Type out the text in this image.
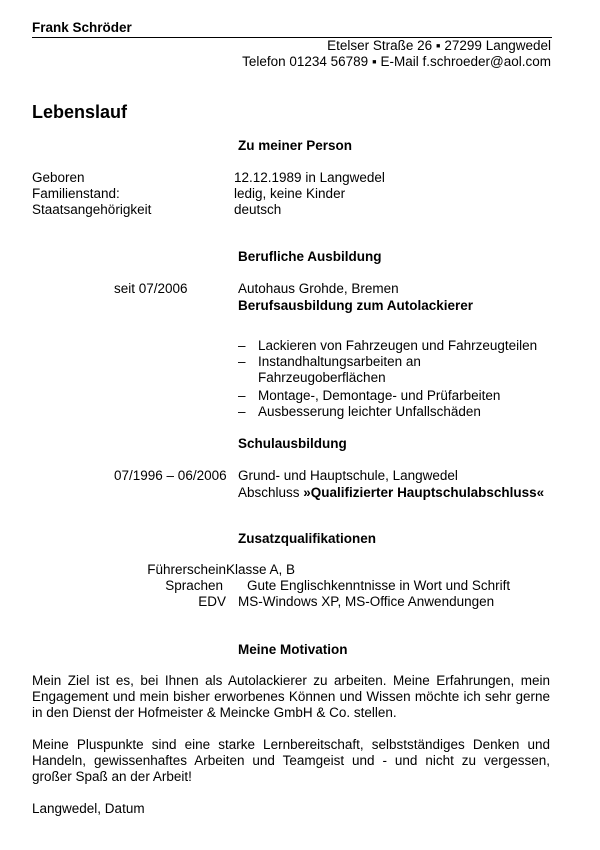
Frank Schröder
Etelser Straße 26 ▪ 27299 Langwedel
Telefon 01234 56789 ▪ E-Mail f.schroeder@aol.com
Lebenslauf
Zu meiner Person
Geboren	12.12.1989 in Langwedel
Familienstand:	ledig, keine Kinder
Staatsangehörigkeit	deutsch
Berufliche Ausbildung
seit 07/2006	Autohaus Grohde, Bremen
Berufsausbildung zum Autolackierer
– Lackieren von Fahrzeugen und Fahrzeugteilen
– Instandhaltungsarbeiten an
Fahrzeugoberflächen
– Montage-, Demontage- und Prüfarbeiten
– Ausbesserung leichter Unfallschäden
Schulausbildung
07/1996 – 06/2006 Grund- und Hauptschule, Langwedel
Abschluss »Qualifizierter Hauptschulabschluss«
Zusatzqualifikationen
Führerschein Klasse A, B
Sprachen Gute Englischkenntnisse in Wort und Schrift
EDV MS-Windows XP, MS-Office Anwendungen
Meine Motivation
Mein Ziel ist es, bei Ihnen als Autolackierer zu arbeiten. Meine Erfahrungen, mein Engagement und mein bisher erworbenes Können und Wissen möchte ich sehr gerne in den Dienst der Hofmeister & Meincke GmbH & Co. stellen.
Meine Pluspunkte sind eine starke Lernbereitschaft, selbstständiges Denken und Handeln, gewissenhaftes Arbeiten und Teamgeist und - und nicht zu vergessen, großer Spaß an der Arbeit!
Langwedel, Datum
